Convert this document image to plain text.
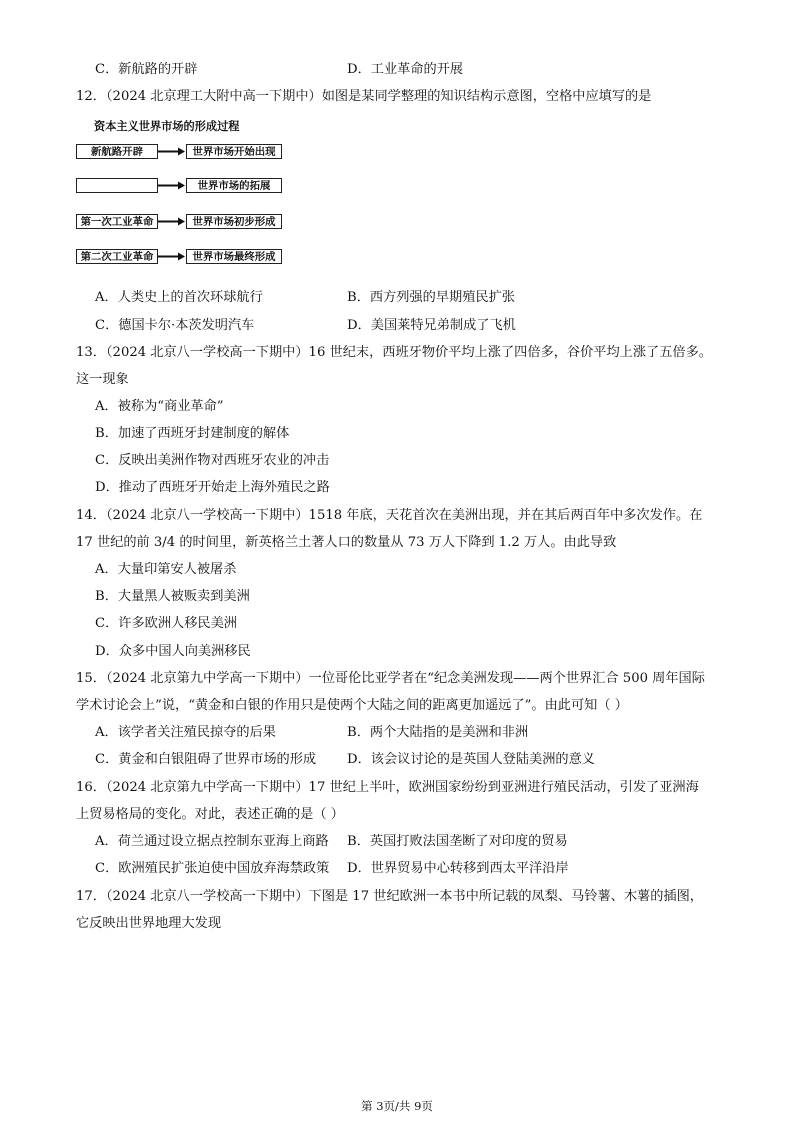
C．新航路的开辟	D．工业革命的开展
12．（2024 北京理工大附中高一下期中）如图是某同学整理的知识结构示意图，空格中应填写的是
资本主义世界市场的形成过程
新航路开辟	世界市场开始出现
世界市场的拓展
第一次工业革命	世界市场初步形成
第二次工业革命	世界市场最终形成
A．人类史上的首次环球航行	B．西方列强的早期殖民扩张
C．德国卡尔·本茨发明汽车	D．美国莱特兄弟制成了飞机
13．（2024 北京八一学校高一下期中）16 世纪末，西班牙物价平均上涨了四倍多，谷价平均上涨了五倍多。
这一现象
A．被称为“商业革命”
B．加速了西班牙封建制度的解体
C．反映出美洲作物对西班牙农业的冲击
D．推动了西班牙开始走上海外殖民之路
14．（2024 北京八一学校高一下期中）1518 年底，天花首次在美洲出现，并在其后两百年中多次发作。在
17 世纪的前 3/4 的时间里，新英格兰土著人口的数量从 73 万人下降到 1.2 万人。由此导致
A．大量印第安人被屠杀
B．大量黑人被贩卖到美洲
C．许多欧洲人移民美洲
D．众多中国人向美洲移民
15．（2024 北京第九中学高一下期中）一位哥伦比亚学者在“纪念美洲发现——两个世界汇合 500 周年国际
学术讨论会上”说，“黄金和白银的作用只是使两个大陆之间的距离更加遥远了”。由此可知（ ）
A．该学者关注殖民掠夺的后果	B．两个大陆指的是美洲和非洲
C．黄金和白银阻碍了世界市场的形成 D．该会议讨论的是英国人登陆美洲的意义
16．（2024 北京第九中学高一下期中）17 世纪上半叶，欧洲国家纷纷到亚洲进行殖民活动，引发了亚洲海
上贸易格局的变化。对此，表述正确的是（ ）
A．荷兰通过设立据点控制东亚海上商路 B．英国打败法国垄断了对印度的贸易
C．欧洲殖民扩张迫使中国放弃海禁政策 D．世界贸易中心转移到西太平洋沿岸
17．（2024 北京八一学校高一下期中）下图是 17 世纪欧洲一本书中所记载的凤梨、马铃薯、木薯的插图，
它反映出世界地理大发现
第 3页/共 9页
